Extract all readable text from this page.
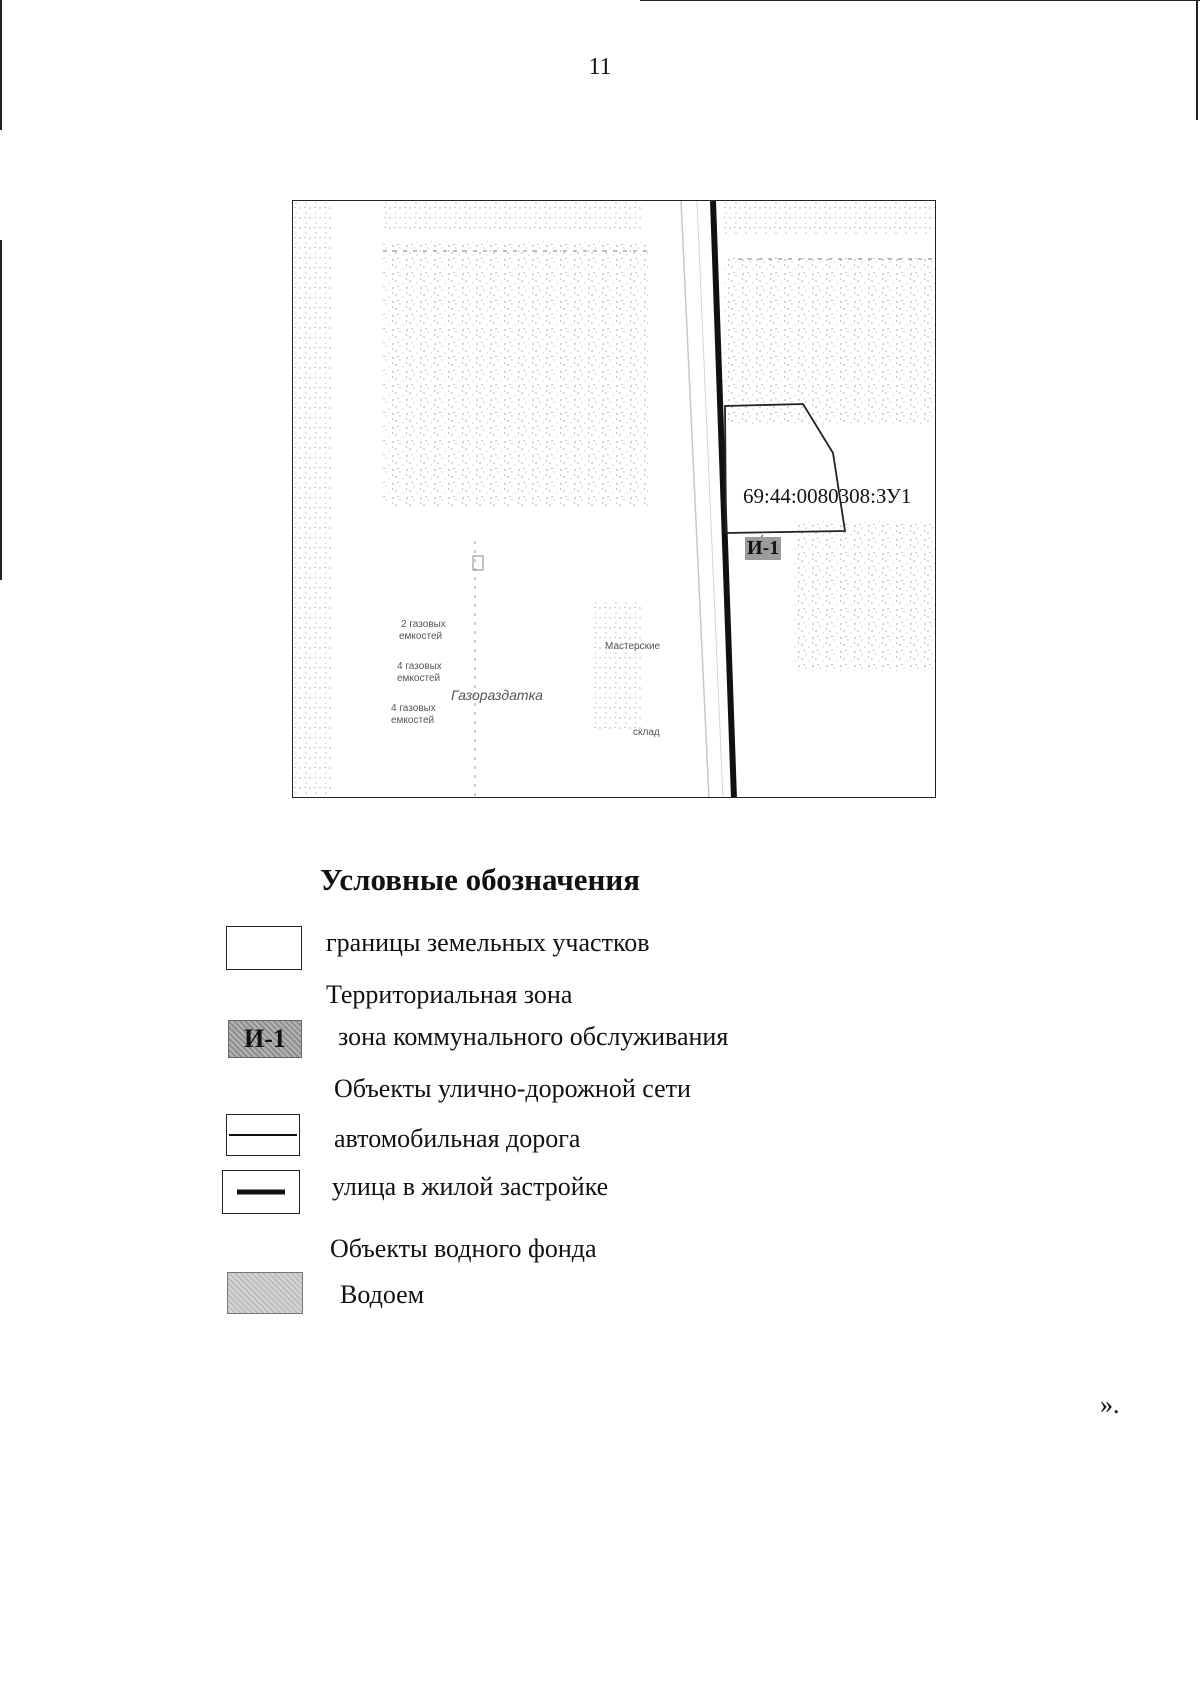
11
69:44:0080308:ЗУ1
И-1
2 газовых
емкостей
4 газовых
емкостей
4 газовых
емкостей
Газораздатка
Мастерские
склад
Условные обозначения
границы земельных участков
Территориальная зона
И-1	зона коммунального обслуживания
Объекты улично-дорожной сети
автомобильная дорога
улица в жилой застройке
Объекты водного фонда
Водоем
».
